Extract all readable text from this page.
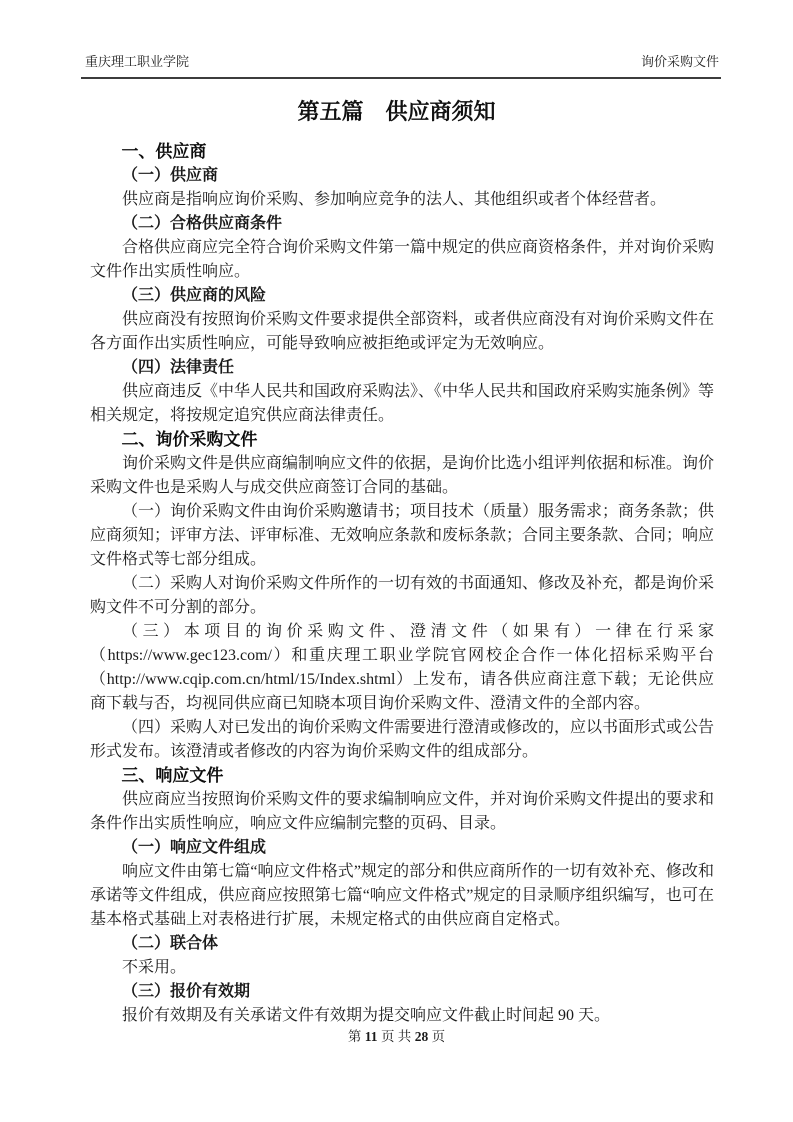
重庆理工职业学院	询价采购文件
第五篇　供应商须知

一、供应商

（一）供应商

供应商是指响应询价采购、参加响应竞争的法人、其他组织或者个体经营者。

（二）合格供应商条件

合格供应商应完全符合询价采购文件第一篇中规定的供应商资格条件，并对询价采购文件作出实质性响应。

（三）供应商的风险

供应商没有按照询价采购文件要求提供全部资料，或者供应商没有对询价采购文件在各方面作出实质性响应，可能导致响应被拒绝或评定为无效响应。

（四）法律责任

供应商违反《中华人民共和国政府采购法》、《中华人民共和国政府采购实施条例》等相关规定，将按规定追究供应商法律责任。

二、询价采购文件

询价采购文件是供应商编制响应文件的依据，是询价比选小组评判依据和标准。询价采购文件也是采购人与成交供应商签订合同的基础。

（一）询价采购文件由询价采购邀请书；项目技术（质量）服务需求；商务条款；供应商须知；评审方法、评审标准、无效响应条款和废标条款；合同主要条款、合同；响应文件格式等七部分组成。

（二）采购人对询价采购文件所作的一切有效的书面通知、修改及补充，都是询价采购文件不可分割的部分。

（三）本项目的询价采购文件、澄清文件（如果有）一律在行采家（https://www.gec123.com/）和重庆理工职业学院官网校企合作一体化招标采购平台（http://www.cqip.com.cn/html/15/Index.shtml）上发布，请各供应商注意下载；无论供应商下载与否，均视同供应商已知晓本项目询价采购文件、澄清文件的全部内容。

（四）采购人对已发出的询价采购文件需要进行澄清或修改的，应以书面形式或公告形式发布。该澄清或者修改的内容为询价采购文件的组成部分。

三、响应文件

供应商应当按照询价采购文件的要求编制响应文件，并对询价采购文件提出的要求和条件作出实质性响应，响应文件应编制完整的页码、目录。

（一）响应文件组成

响应文件由第七篇“响应文件格式”规定的部分和供应商所作的一切有效补充、修改和承诺等文件组成，供应商应按照第七篇“响应文件格式”规定的目录顺序组织编写，也可在基本格式基础上对表格进行扩展，未规定格式的由供应商自定格式。

（二）联合体

不采用。

（三）报价有效期

报价有效期及有关承诺文件有效期为提交响应文件截止时间起 90 天。

第 11 页 共 28 页
